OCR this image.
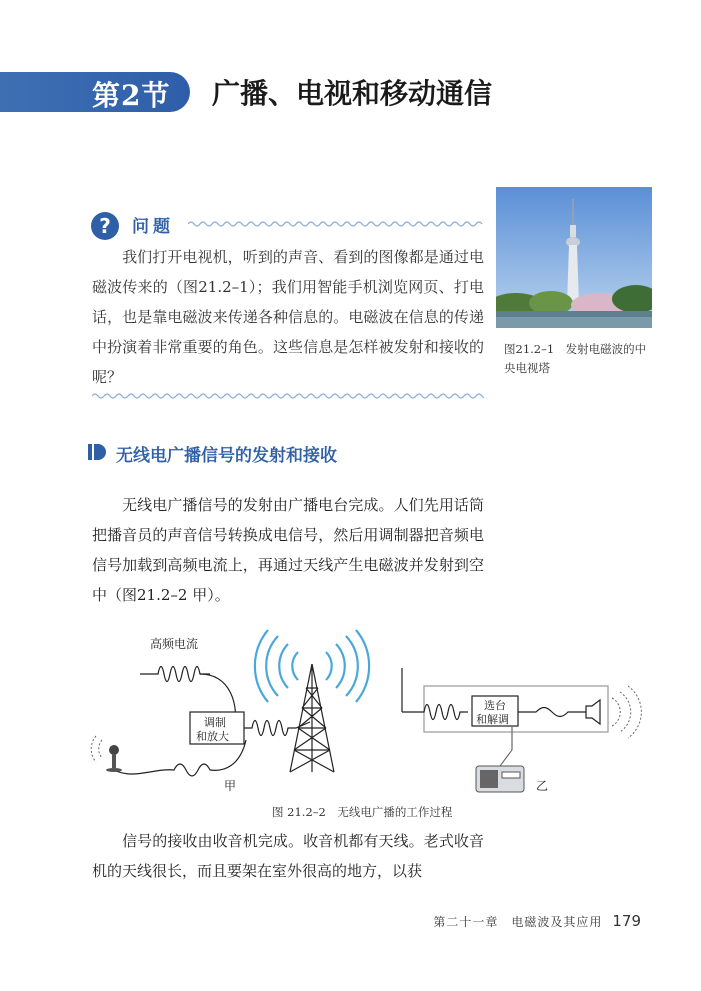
第2节 广播、电视和移动通信
?	问题
我们打开电视机，听到的声音、看到的图像都是通过电磁波传来的（图21.2–1）；我们用智能手机浏览网页、打电话，也是靠电磁波来传递各种信息的。电磁波在信息的传递中扮演着非常重要的角色。这些信息是怎样被发射和接收的呢？
图21.2–1　发射电磁波的中央电视塔
无线电广播信号的发射和接收
无线电广播信号的发射由广播电台完成。人们先用话筒把播音员的声音信号转换成电信号，然后用调制器把音频电信号加载到高频电流上，再通过天线产生电磁波并发射到空中（图21.2–2 甲）。
高频电流
调制
和放大
选台
和解调
甲	乙
图 21.2–2　无线电广播的工作过程
信号的接收由收音机完成。收音机都有天线。老式收音机的天线很长，而且要架在室外很高的地方，以获
第二十一章　电磁波及其应用 179
